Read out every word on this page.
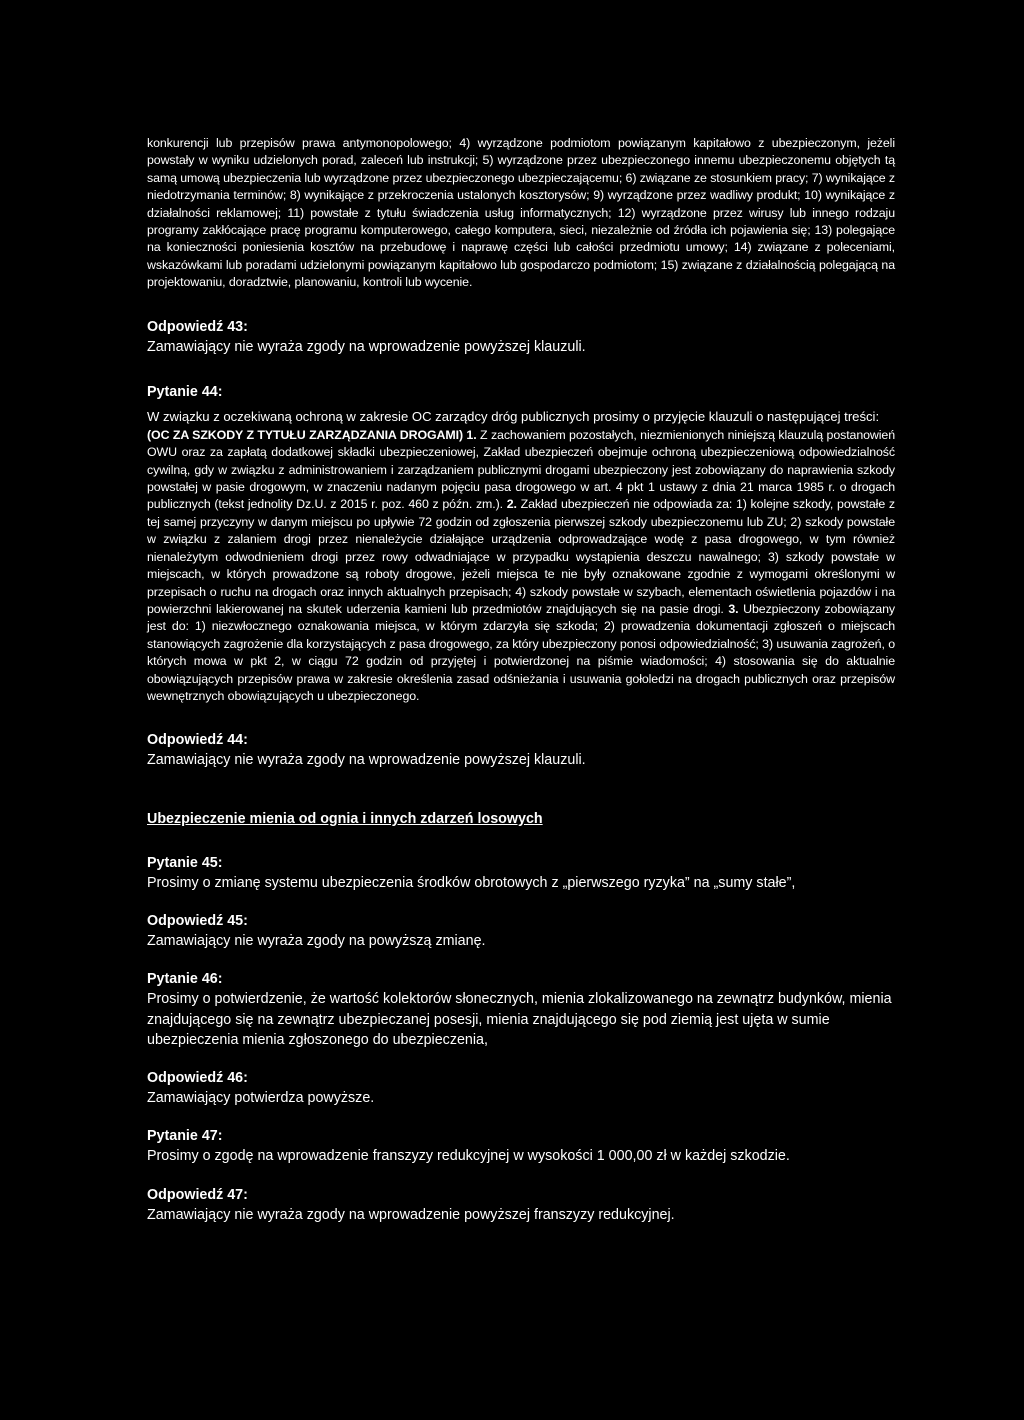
konkurencji lub przepisów prawa antymonopolowego; 4) wyrządzone podmiotom powiązanym kapitałowo z ubezpieczonym, jeżeli powstały w wyniku udzielonych porad, zaleceń lub instrukcji; 5) wyrządzone przez ubezpieczonego innemu ubezpieczonemu objętych tą samą umową ubezpieczenia lub wyrządzone przez ubezpieczonego ubezpieczającemu; 6) związane ze stosunkiem pracy; 7) wynikające z niedotrzymania terminów; 8) wynikające z przekroczenia ustalonych kosztorysów; 9) wyrządzone przez wadliwy produkt; 10) wynikające z działalności reklamowej; 11) powstałe z tytułu świadczenia usług informatycznych; 12) wyrządzone przez wirusy lub innego rodzaju programy zakłócające pracę programu komputerowego, całego komputera, sieci, niezależnie od źródła ich pojawienia się; 13) polegające na konieczności poniesienia kosztów na przebudowę i naprawę części lub całości przedmiotu umowy; 14) związane z poleceniami, wskazówkami lub poradami udzielonymi powiązanym kapitałowo lub gospodarczo podmiotom; 15) związane z działalnością polegającą na projektowaniu, doradztwie, planowaniu, kontroli lub wycenie.

Odpowiedź 43:

Zamawiający nie wyraża zgody na wprowadzenie powyższej klauzuli.

Pytanie 44:

W związku z oczekiwaną ochroną w zakresie OC zarządcy dróg publicznych prosimy o przyjęcie klauzuli o następującej treści:

(OC ZA SZKODY Z TYTUŁU ZARZĄDZANIA DROGAMI) 1. Z zachowaniem pozostałych, niezmienionych niniejszą klauzulą postanowień OWU oraz za zapłatą dodatkowej składki ubezpieczeniowej, Zakład ubezpieczeń obejmuje ochroną ubezpieczeniową odpowiedzialność cywilną, gdy w związku z administrowaniem i zarządzaniem publicznymi drogami ubezpieczony jest zobowiązany do naprawienia szkody powstałej w pasie drogowym, w znaczeniu nadanym pojęciu pasa drogowego w art. 4 pkt 1 ustawy z dnia 21 marca 1985 r. o drogach publicznych (tekst jednolity Dz.U. z 2015 r. poz. 460 z późn. zm.). 2. Zakład ubezpieczeń nie odpowiada za: 1) kolejne szkody, powstałe z tej samej przyczyny w danym miejscu po upływie 72 godzin od zgłoszenia pierwszej szkody ubezpieczonemu lub ZU; 2) szkody powstałe w związku z zalaniem drogi przez nienależycie działające urządzenia odprowadzające wodę z pasa drogowego, w tym również nienależytym odwodnieniem drogi przez rowy odwadniające w przypadku wystąpienia deszczu nawalnego; 3) szkody powstałe w miejscach, w których prowadzone są roboty drogowe, jeżeli miejsca te nie były oznakowane zgodnie z wymogami określonymi w przepisach o ruchu na drogach oraz innych aktualnych przepisach; 4) szkody powstałe w szybach, elementach oświetlenia pojazdów i na powierzchni lakierowanej na skutek uderzenia kamieni lub przedmiotów znajdujących się na pasie drogi. 3. Ubezpieczony zobowiązany jest do: 1) niezwłocznego oznakowania miejsca, w którym zdarzyła się szkoda; 2) prowadzenia dokumentacji zgłoszeń o miejscach stanowiących zagrożenie dla korzystających z pasa drogowego, za który ubezpieczony ponosi odpowiedzialność; 3) usuwania zagrożeń, o których mowa w pkt 2, w ciągu 72 godzin od przyjętej i potwierdzonej na piśmie wiadomości; 4) stosowania się do aktualnie obowiązujących przepisów prawa w zakresie określenia zasad odśnieżania i usuwania gołoledzi na drogach publicznych oraz przepisów wewnętrznych obowiązujących u ubezpieczonego.

Odpowiedź 44:

Zamawiający nie wyraża zgody na wprowadzenie powyższej klauzuli.

Ubezpieczenie mienia od ognia i innych zdarzeń losowych

Pytanie 45:

Prosimy o zmianę systemu ubezpieczenia środków obrotowych z „pierwszego ryzyka” na „sumy stałe”,

Odpowiedź 45:

Zamawiający nie wyraża zgody na powyższą zmianę.

Pytanie 46:

Prosimy o potwierdzenie, że wartość kolektorów słonecznych, mienia zlokalizowanego na zewnątrz budynków, mienia znajdującego się na zewnątrz ubezpieczanej posesji, mienia znajdującego się pod ziemią jest ujęta w sumie ubezpieczenia mienia zgłoszonego do ubezpieczenia,

Odpowiedź 46:

Zamawiający potwierdza powyższe.

Pytanie 47:

Prosimy o zgodę na wprowadzenie franszyzy redukcyjnej w wysokości 1 000,00 zł w każdej szkodzie.

Odpowiedź 47:

Zamawiający nie wyraża zgody na wprowadzenie powyższej franszyzy redukcyjnej.
